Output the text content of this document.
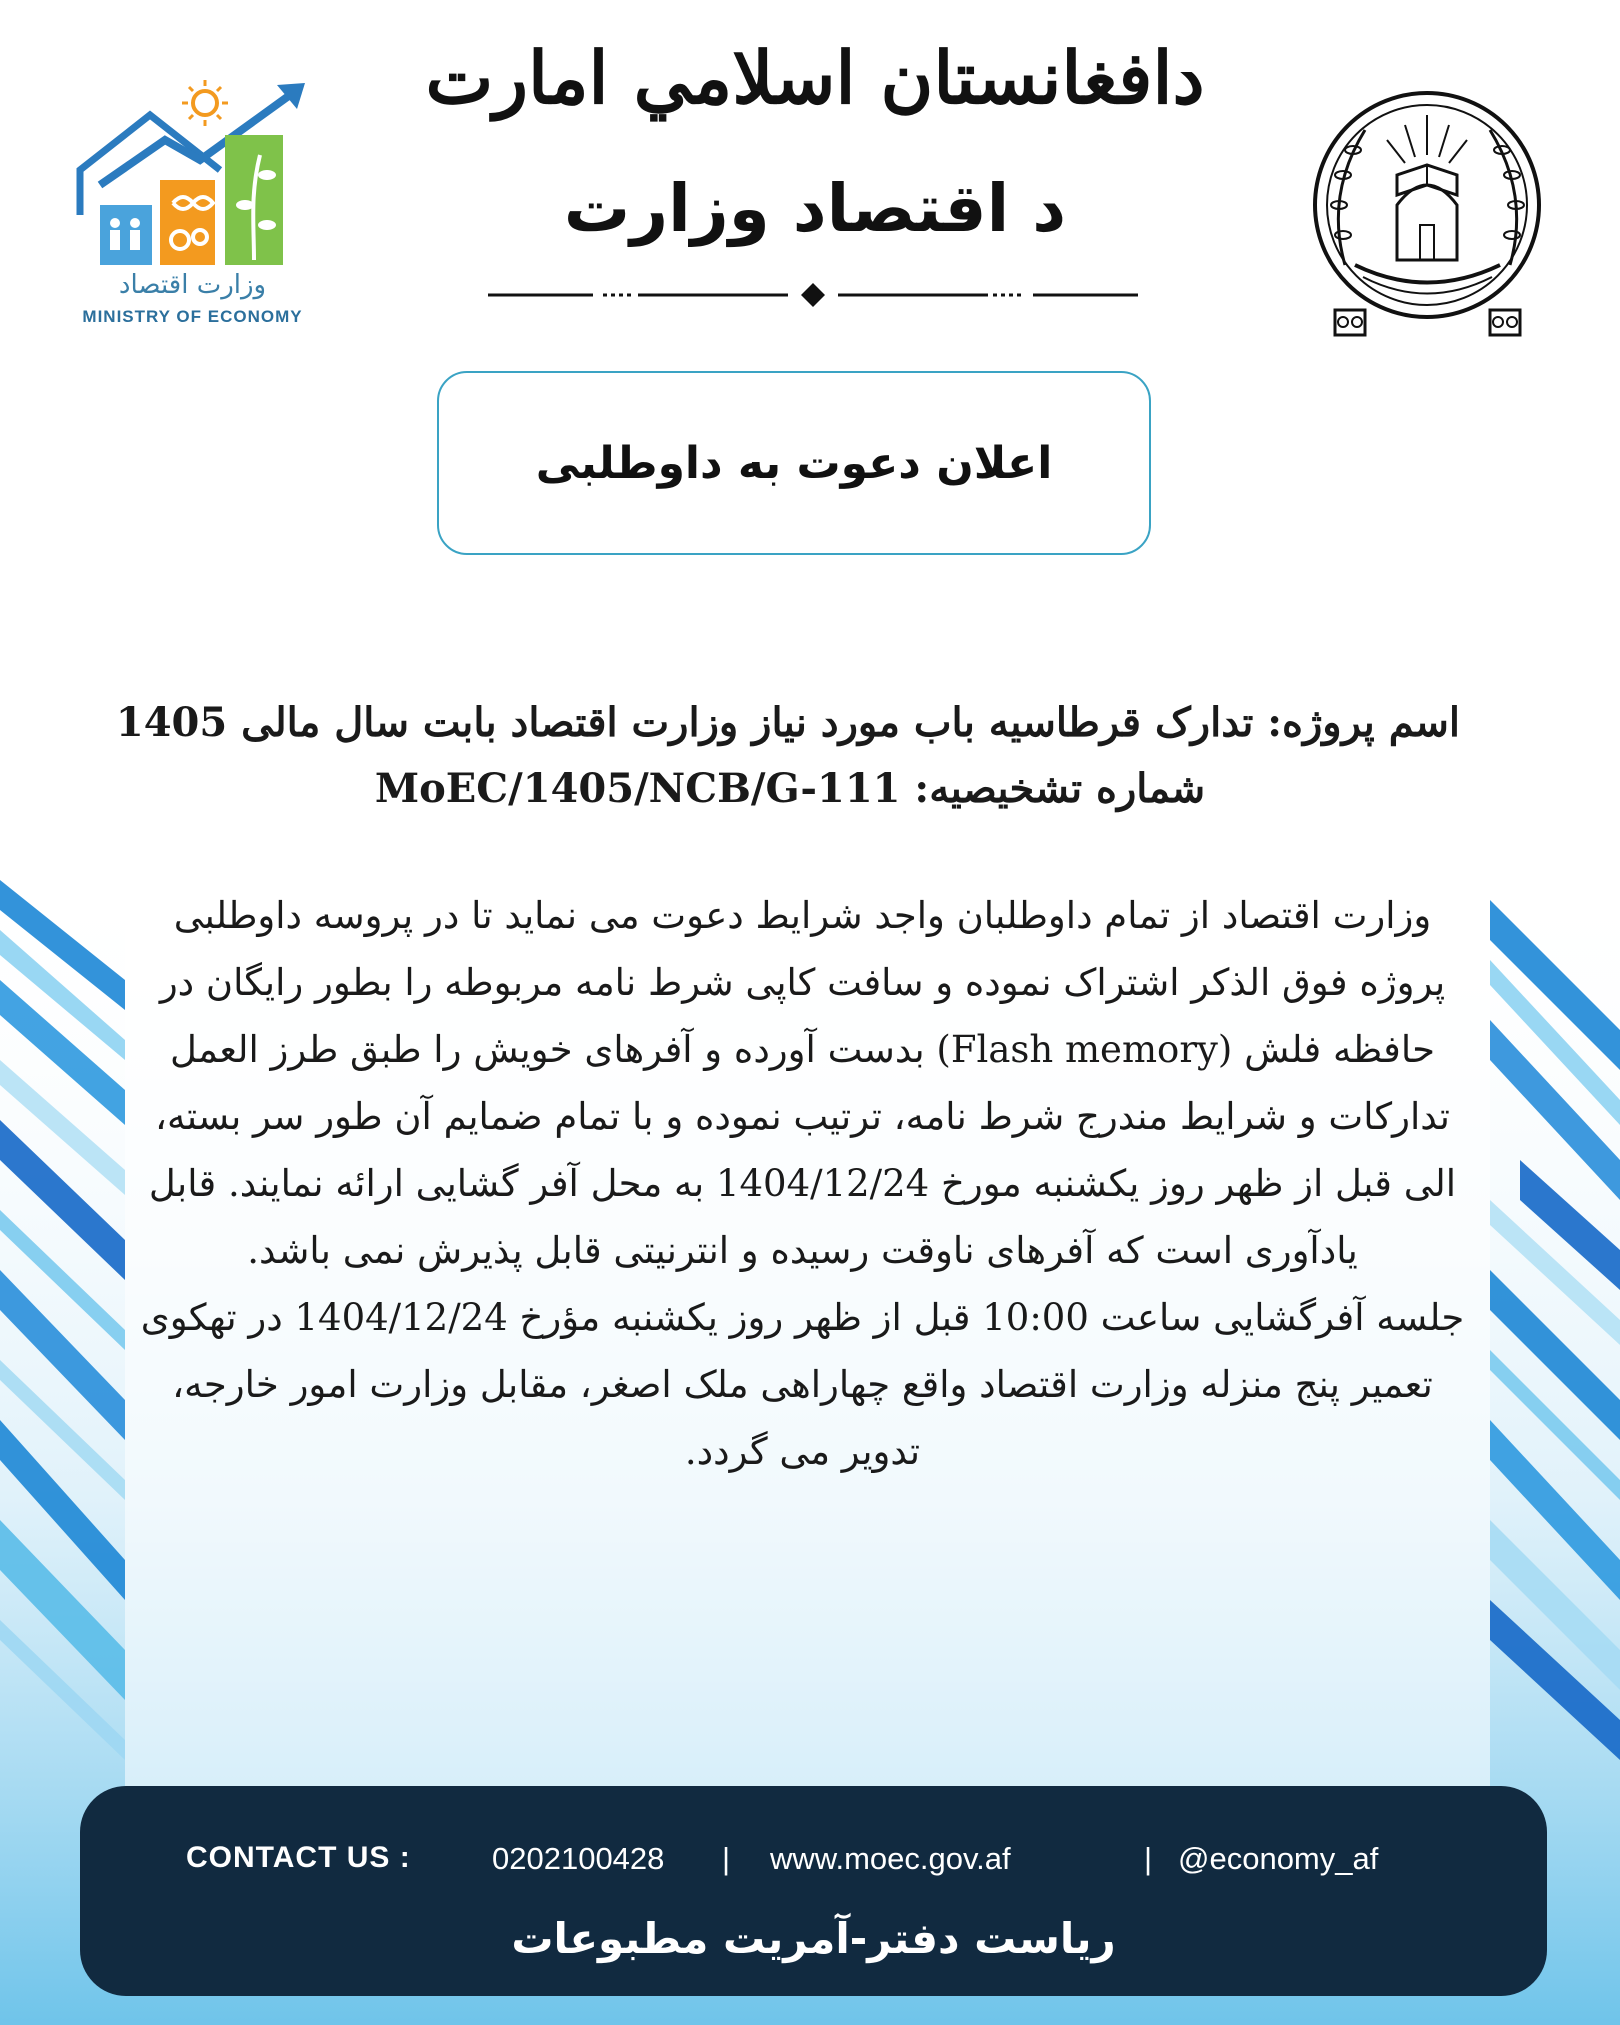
وزارت اقتصاد
MINISTRY OF ECONOMY
دافغانستان اسلامي امارت
د اقتصاد وزارت
اعلان دعوت به داوطلبی
اسم پروژه: تدارک قرطاسیه باب مورد نیاز وزارت اقتصاد بابت سال مالی 1405
شماره تشخیصیه: MoEC/1405/NCB/G-111

وزارت اقتصاد از تمام داوطلبان واجد شرایط دعوت می نماید تا در پروسه داوطلبی پروژه فوق الذکر اشتراک نموده و سافت کاپی شرط نامه مربوطه را بطور رایگان در حافظه فلش (Flash memory) بدست آورده و آفرهای خویش را طبق طرز العمل تدارکات و شرایط مندرج شرط نامه، ترتیب نموده و با تمام ضمایم آن طور سر بسته، الی قبل از ظهر روز یکشنبه مورخ 1404/12/24 به محل آفر گشایی ارائه نمایند. قابل یادآوری است که آفرهای ناوقت رسیده و انترنیتی قابل پذیرش نمی باشد.

جلسه آفرگشایی ساعت 10:00 قبل از ظهر روز یکشنبه مؤرخ 1404/12/24 در تهکوی تعمیر پنج منزله وزارت اقتصاد واقع چهاراهی ملک اصغر، مقابل وزارت امور خارجه، تدویر می گردد.

CONTACT US :	0202100428 | www.moec.gov.af	| @economy_af
ریاست دفتر-آمریت مطبوعات
